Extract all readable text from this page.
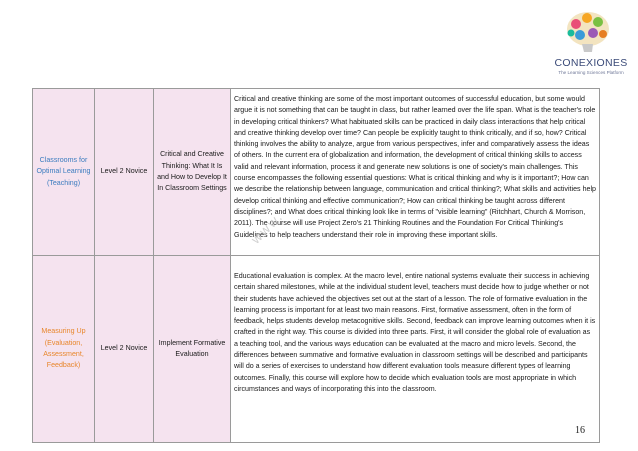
CONEXIONES
The Learning Sciences Platform
Classrooms for Optimal Learning (Teaching)	Level 2 Novice	Critical and Creative Thinking: What It Is and How to Develop It In Classroom Settings	Critical and creative thinking are some of the most important outcomes of successful education, but some would argue it is not something that can be taught in class, but rather learned over the life span. What is the teacher's role in developing critical thinkers? What habituated skills can be practiced in daily class interactions that help critical and creative thinking develop over time? Can people be explicitly taught to think critically, and if so, how? Critical thinking involves the ability to analyze, argue from various perspectives, infer and comparatively assess the ideas of others. In the current era of globalization and information, the development of critical thinking skills to access valid and relevant information, process it and generate new solutions is one of society's main challenges. This course encompasses the following essential questions: What is critical thinking and why is it important?; How can we describe the relationship between language, communication and critical thinking?; What skills and activities help develop critical thinking and effective communication?; How can critical thinking be taught across different disciplines?; and What does critical thinking look like in terms of "visible learning" (Ritchhart, Church & Morrison, 2011). The course will use Project Zero's 21 Thinking Routines and the Foundation For Critical Thinking's Guidelines to help teachers understand their role in improving these important skills.

Measuring Up (Evaluation, Assessment, Feedback)	Level 2 Novice	Implement Formative Evaluation	Educational evaluation is complex. At the macro level, entire national systems evaluate their success in achieving certain shared milestones, while at the individual student level, teachers must decide how to judge whether or not their students have achieved the objectives set out at the start of a lesson. The role of formative evaluation in the learning process is important for at least two main reasons. First, formative assessment, often in the form of feedback, helps students develop metacognitive skills. Second, feedback can improve learning outcomes when it is crafted in the right way. This course is divided into three parts. First, it will consider the global role of evaluation as a teaching tool, and the various ways education can be evaluated at the macro and micro levels. Second, the differences between summative and formative evaluation in classroom settings will be described and participants will do a series of exercises to understand how different evaluation tools measure different types of learning outcomes. Finally, this course will explore how to decide which evaluation tools are most appropriate in which circumstances and ways of incorporating this into the classroom.
www.
16
